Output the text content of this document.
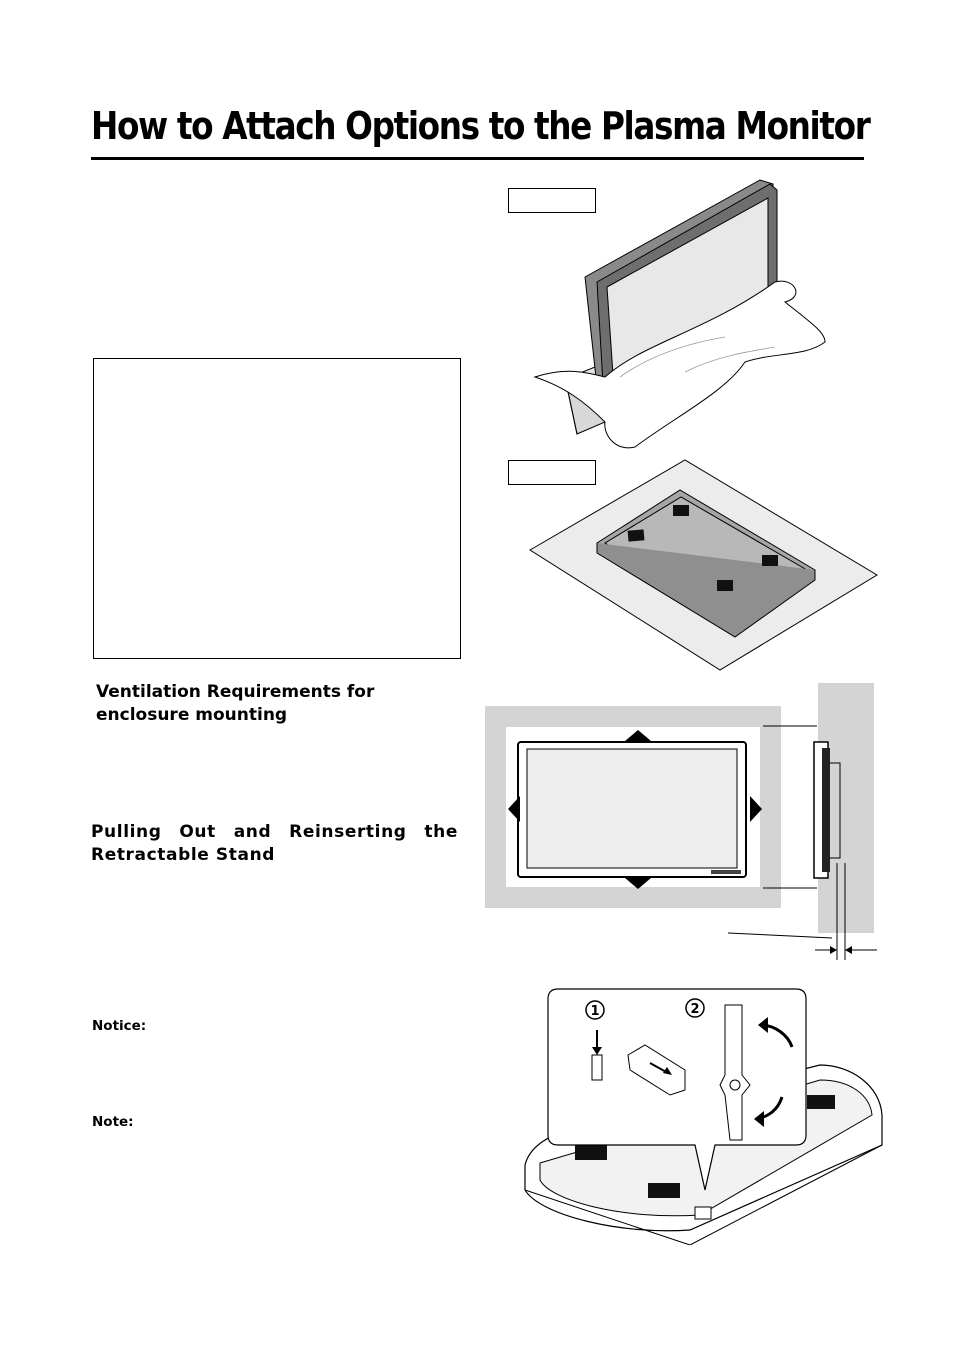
How to Attach Options to the Plasma Monitor
Ventilation Requirements for enclosure mounting
Pulling Out and Reinserting the Retractable Stand
Notice:
Note:
1	2
